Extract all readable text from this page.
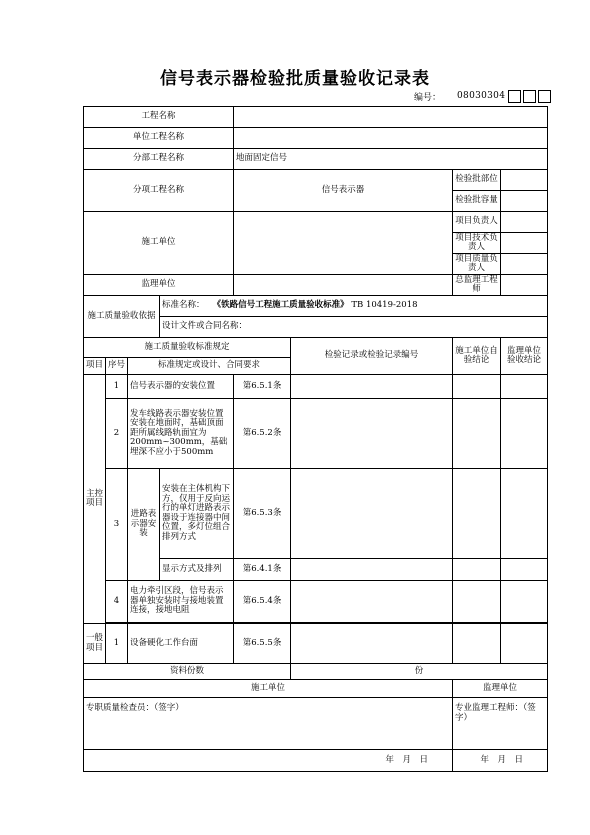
信号表示器检验批质量验收记录表
编号： 08030304
工程名称							
单位工程名称							
分部工程名称				地面固定信号			
分项工程名称				信号表示器		检验批部位	
						检验批容量	
施工单位						项目负责人	
						项目技术负责人	
						项目质量负责人	
监理单位						总监理工程师	
施工质量验收依据			标准名称： 《铁路信号工程施工质量验收标准》 TB 10419-2018				
			设计文件或合同名称：				
施工质量验收标准规定					检验记录或检验记录编号	施工单位自验结论	监理单位验收结论
项目	序号	标准规定或设计、合同要求					
主控项目	1	信号表示器的安装位置		第6.5.1条			
	2	发车线路表示器安装位置安装在地面时，基础顶面距所属线路轨面宜为200mm~300mm，基础埋深不应小于500mm		第6.5.2条			
	3	进路表示器安装	安装在主体机构下方，仅用于反向运行的单灯进路表示器设于连接器中间位置，多灯位组合排列方式	第6.5.3条			
			显示方式及排列	第6.4.1条			
	4	电力牵引区段，信号表示器单独安装时与接地装置连接，接地电阻		第6.5.4条			

一般项目	1	设备硬化工作台面		第6.5.5条			
资料份数					份		
施工单位						监理单位	
专职质量检查员：（签字）						专业监理工程师：（签字）	
年　月　日						年　月　日	
